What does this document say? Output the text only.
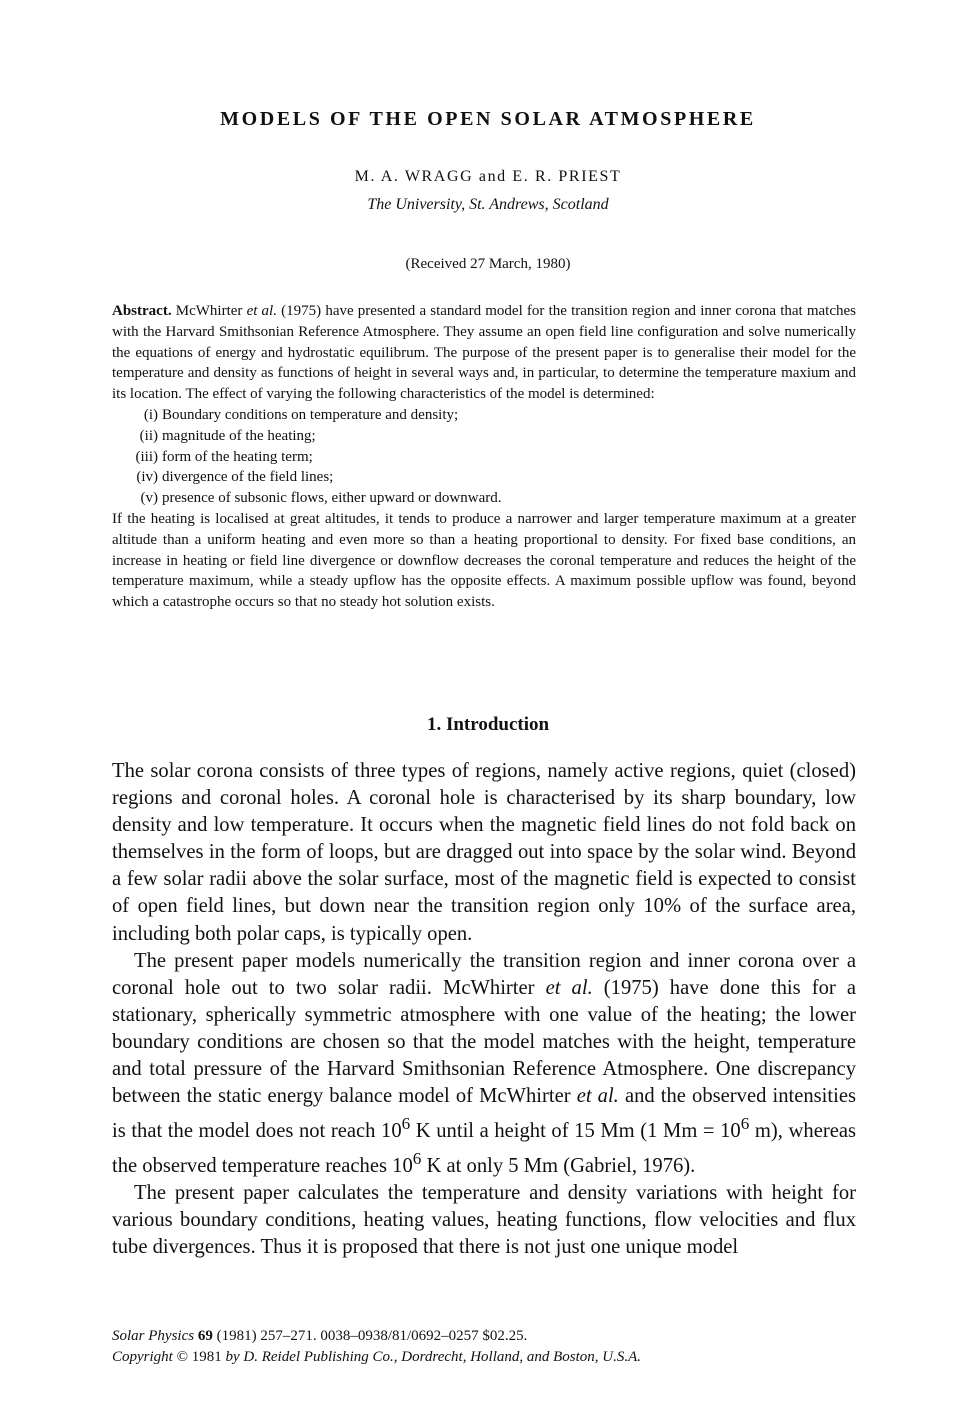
MODELS OF THE OPEN SOLAR ATMOSPHERE
M. A. WRAGG and E. R. PRIEST
The University, St. Andrews, Scotland
(Received 27 March, 1980)

Abstract. McWhirter et al. (1975) have presented a standard model for the transition region and inner corona that matches with the Harvard Smithsonian Reference Atmosphere. They assume an open field line configuration and solve numerically the equations of energy and hydrostatic equilibrum. The purpose of the present paper is to generalise their model for the temperature and density as functions of height in several ways and, in particular, to determine the temperature maxium and its location. The effect of varying the following characteristics of the model is determined:

(i) Boundary conditions on temperature and density;
(ii) magnitude of the heating;
(iii) form of the heating term;
(iv) divergence of the field lines;
(v) presence of subsonic flows, either upward or downward.

If the heating is localised at great altitudes, it tends to produce a narrower and larger temperature maximum at a greater altitude than a uniform heating and even more so than a heating proportional to density. For fixed base conditions, an increase in heating or field line divergence or downflow decreases the coronal temperature and reduces the height of the temperature maximum, while a steady upflow has the opposite effects. A maximum possible upflow was found, beyond which a catastrophe occurs so that no steady hot solution exists.

1. Introduction

The solar corona consists of three types of regions, namely active regions, quiet (closed) regions and coronal holes. A coronal hole is characterised by its sharp boundary, low density and low temperature. It occurs when the magnetic field lines do not fold back on themselves in the form of loops, but are dragged out into space by the solar wind. Beyond a few solar radii above the solar surface, most of the magnetic field is expected to consist of open field lines, but down near the transition region only 10% of the surface area, including both polar caps, is typically open.

The present paper models numerically the transition region and inner corona over a coronal hole out to two solar radii. McWhirter et al. (1975) have done this for a stationary, spherically symmetric atmosphere with one value of the heating; the lower boundary conditions are chosen so that the model matches with the height, temperature and total pressure of the Harvard Smithsonian Reference Atmosphere. One discrepancy between the static energy balance model of McWhirter et al. and the observed intensities is that the model does not reach $10^6$ K until a height of 15 Mm (1 $Mm = 10^6$ m), whereas the observed temperature reaches $10^6$ K at only 5 Mm (Gabriel, 1976).

The present paper calculates the temperature and density variations with height for various boundary conditions, heating values, heating functions, flow velocities and flux tube divergences. Thus it is proposed that there is not just one unique model

Solar Physics 69 (1981) 257–271. 0038–0938/81/0692–0257 $02.25.
Copyright © 1981 by D. Reidel Publishing Co., Dordrecht, Holland, and Boston, U.S.A.
